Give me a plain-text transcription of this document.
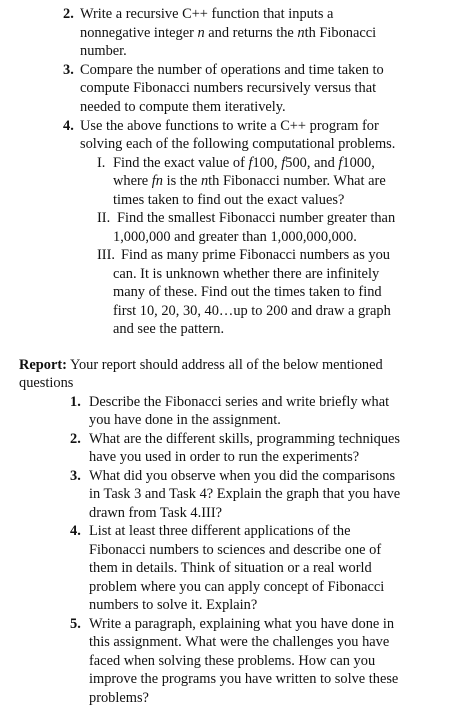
2. Write a recursive C++ function that inputs a
nonnegative integer n and returns the nth Fibonacci
number.
3. Compare the number of operations and time taken to
compute Fibonacci numbers recursively versus that
needed to compute them iteratively.
4. Use the above functions to write a C++ program for
solving each of the following computational problems.
I. Find the exact value of f100, f500, and f1000,
where fn is the nth Fibonacci number. What are
times taken to find out the exact values?
II. Find the smallest Fibonacci number greater than
1,000,000 and greater than 1,000,000,000.
III. Find as many prime Fibonacci numbers as you
can. It is unknown whether there are infinitely
many of these. Find out the times taken to find
first 10, 20, 30, 40…up to 200 and draw a graph
and see the pattern.
Report: Your report should address all of the below mentioned
questions
1. Describe the Fibonacci series and write briefly what
you have done in the assignment.
2. What are the different skills, programming techniques
have you used in order to run the experiments?
3. What did you observe when you did the comparisons
in Task 3 and Task 4? Explain the graph that you have
drawn from Task 4.III?
4. List at least three different applications of the
Fibonacci numbers to sciences and describe one of
them in details. Think of situation or a real world
problem where you can apply concept of Fibonacci
numbers to solve it. Explain?
5. Write a paragraph, explaining what you have done in
this assignment. What were the challenges you have
faced when solving these problems. How can you
improve the programs you have written to solve these
problems?
